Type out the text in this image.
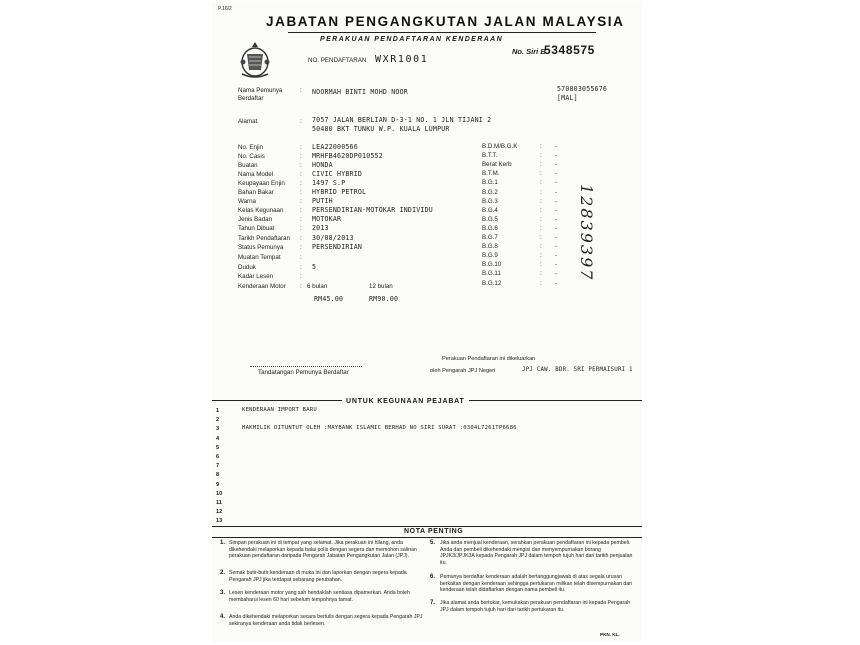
P.16/2
JABATAN PENGANGKUTAN JALAN MALAYSIA
PERAKUAN PENDAFTARAN KENDERAAN
No. Siri B
5348575
NO. PENDAFTARAN WXR1001
Nama Pemunya Berdaftar
: NOORMAH BINTI MOHD NOOR	570803055676
[MAL]
Alamat	: 7057 JALAN BERLIAN D-3-1 NO. 1 JLN TIJANI 2
50480 BKT TUNKU W.P. KUALA LUMPUR
No. Enjin	: LEA22000566
No. Casis	: MRHFB4620DP010552
Buatan	: HONDA
Nama Model	: CIVIC HYBRID
Keupayaan Enjin : 1497 S.P
Bahan Bakar	: HYBRID PETROL
Warna	: PUTIH
Kelas Kegunaan	: PERSENDIRIAN-MOTOKAR INDIVIDU
Jenis Badan	: MOTOKAR
Tahun Dibuat	: 2013
Tarikh Pendaftaran : 30/08/2013
Status Pemunya	: PERSENDIRIAN
Muatan Tempat	:
Duduk	: 5
Kadar Lesen	:
Kenderaan Motor : 6 bulan	12 bulan
RM45.00	RM90.00
B.D.M/B.G.K	: -
B.T.T.	: -
Berat Kerb	: -
B.T.M.	: -
B.G.1	: -
B.G.2	: -
B.G.3	: -
B.G.4	: -
B.G.5	: -
B.G.6	: -
B.G.7	: -
B.G.8	: -
B.G.9	: -
B.G.10	: -
B.G.11	: -
B.G.12	: -
12839397
Tandatangan Pemunya Berdaftar
Perakuan Pendaftaran ini dikeluarkan
oleh Pengarah JPJ Negeri	JPJ CAW. BDR. SRI PERMAISURI 1
UNTUK KEGUNAAN PEJABAT
1	KENDERAAN IMPORT BARU
2
3	HAKMILIK DITUNTUT OLEH :MAYBANK ISLAMIC BERHAD NO SIRI SURAT :0304L7261TP6686
4
5
6
7
8
9
10
11
12
13
NOTA PENTING
1. Simpan perakuan ini di tempat yang selamat. Jika perakuan ini hilang, anda dikehendaki melaporkan kepada balai polis dengan segera dan memohon salinan perakuan pendaftaran daripada Pengarah Jabatan Pengangkutan Jalan (JPJ).
2. Semak butir-butir kenderaan di muka ini dan laporkan dengan segera kepada Pengarah JPJ jika terdapat sebarang perubahan.
3. Lesen kenderaan motor yang sah hendaklah sentiasa dipamerkan. Anda boleh membaharui lesen 60 hari sebelum tempohnya tamat.
4. Anda dikehendaki melaporkan secara bertulis dengan segera kepada Pengarah JPJ sekiranya kenderaan anda tidak berlesen.
5. Jika anda menjual kenderaan, serahkan perakuan pendaftaran ini kepada pembeli. Anda dan pembeli dikehendaki mengisi dan menyempurnakan borang JPJK3/JPJK3A kepada Pengarah JPJ dalam tempoh tujuh hari dari tarikh penjualan itu.
6. Pemunya berdaftar kenderaan adalah bertanggungjawab di atas segala urusan berkaitan dengan kenderaan sehingga pertukaran milikan telah disempurnakan dan kenderaan telah didaftarkan dengan nama pembeli itu.
7. Jika alamat anda bertukar, kemukakan perakuan pendaftaran ini kepada Pengarah JPJ dalam tempoh tujuh hari dari tarikh pertukaran itu.
PKN. KL.
